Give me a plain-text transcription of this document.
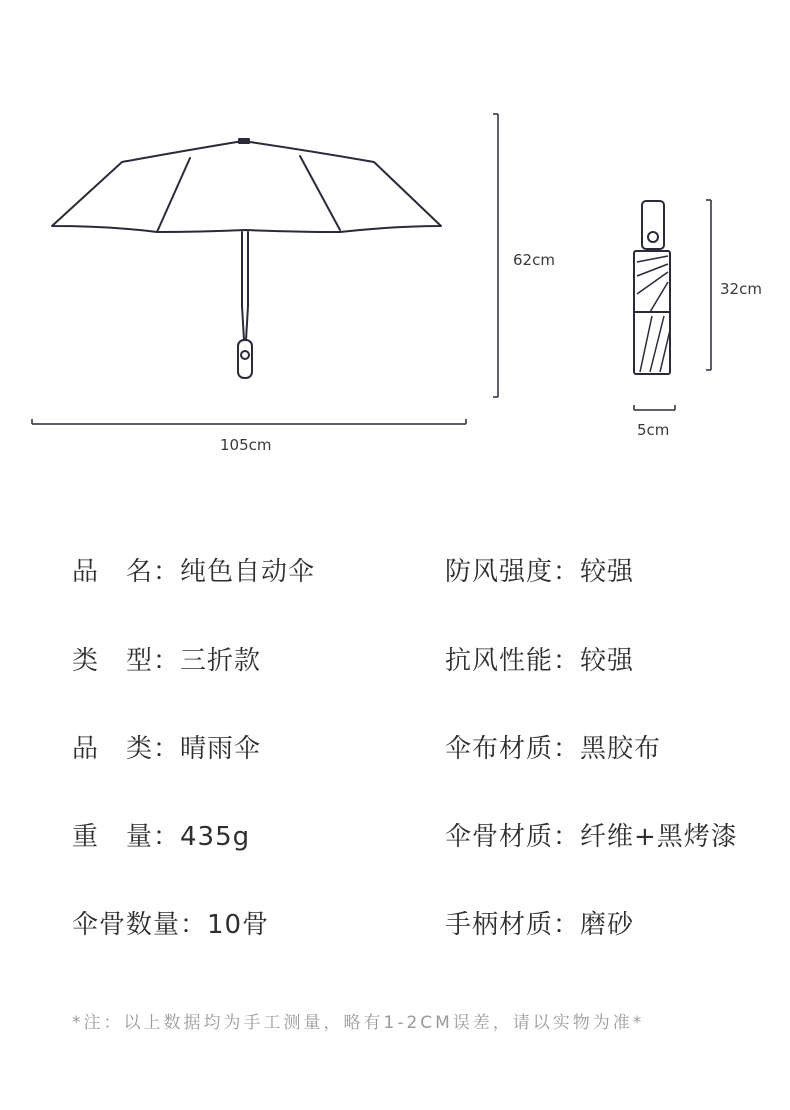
62cm
105cm
32cm
5cm
品　名：纯色自动伞
类　型：三折款
品　类：晴雨伞
重　量：435g
伞骨数量：10骨
防风强度：较强
抗风性能：较强
伞布材质：黑胶布
伞骨材质：纤维+黑烤漆
手柄材质：磨砂
*注：以上数据均为手工测量，略有1-2CM误差，请以实物为准*
